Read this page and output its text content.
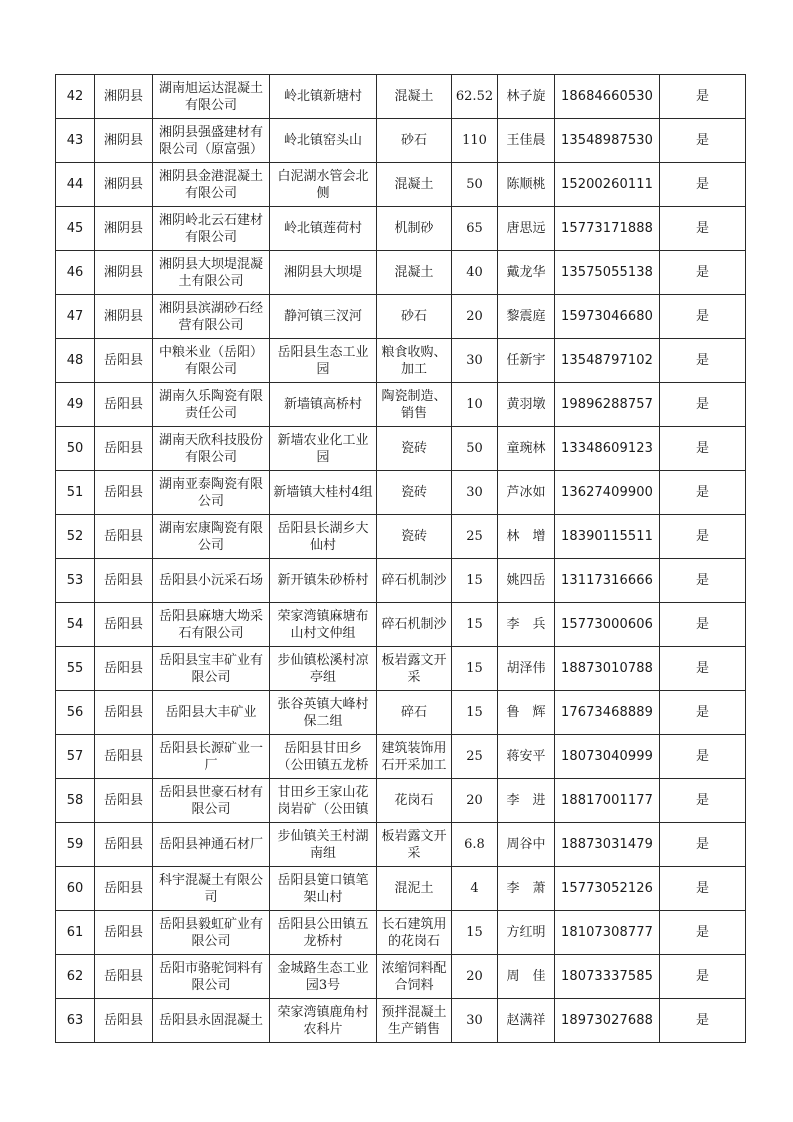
42	湘阴县	湖南旭运达混凝土有限公司	岭北镇新塘村	混凝土	62.52	林子旋	18684660530	是

43	湘阴县	湘阴县强盛建材有限公司（原富强）	岭北镇窑头山	砂石	110	王佳晨	13548987530	是

44	湘阴县	湘阴县金港混凝土有限公司	白泥湖水管会北侧	混凝土	50	陈顺桃	15200260111	是

45	湘阴县	湘阴岭北云石建材有限公司	岭北镇莲荷村	机制砂	65	唐思远	15773171888	是

46	湘阴县	湘阴县大坝堤混凝土有限公司	湘阴县大坝堤	混凝土	40	戴龙华	13575055138	是

47	湘阴县	湘阴县滨湖砂石经营有限公司	静河镇三汊河	砂石	20	黎震庭	15973046680	是

48	岳阳县	中粮米业（岳阳）有限公司	岳阳县生态工业园	粮食收购、加工	30	任新宇	13548797102	是

49	岳阳县	湖南久乐陶瓷有限责任公司	新墙镇高桥村	陶瓷制造、销售	10	黄羽墩	19896288757	是

50	岳阳县	湖南天欣科技股份有限公司	新墙农业化工业园	瓷砖	50	童琬林	13348609123	是

51	岳阳县	湖南亚泰陶瓷有限公司	新墙镇大桂村4组	瓷砖	30	芦冰如	13627409900	是

52	岳阳县	湖南宏康陶瓷有限公司	岳阳县长湖乡大仙村	瓷砖	25	林　增	18390115511	是

53	岳阳县	岳阳县小沅采石场	新开镇朱砂桥村	碎石机制沙	15	姚四岳	13117316666	是

54	岳阳县	岳阳县麻塘大坳采石有限公司	荣家湾镇麻塘布山村文仲组	碎石机制沙	15	李　兵	15773000606	是

55	岳阳县	岳阳县宝丰矿业有限公司	步仙镇松溪村凉亭组	板岩露文开采	15	胡泽伟	18873010788	是

56	岳阳县	岳阳县大丰矿业	张谷英镇大峰村保二组	碎石	15	鲁　辉	17673468889	是

57	岳阳县	岳阳县长源矿业一厂	岳阳县甘田乡（公田镇五龙桥	建筑装饰用石开采加工	25	蒋安平	18073040999	是

58	岳阳县	岳阳县世豪石材有限公司	甘田乡王家山花岗岩矿（公田镇	花岗石	20	李　进	18817001177	是

59	岳阳县	岳阳县神通石材厂	步仙镇关王村湖南组	板岩露文开采	6.8	周谷中	18873031479	是

60	岳阳县	科宇混凝土有限公司	岳阳县筻口镇笔架山村	混泥土	4	李　萧	15773052126	是

61	岳阳县	岳阳县毅虹矿业有限公司	岳阳县公田镇五龙桥村	长石建筑用的花岗石	15	方红明	18107308777	是

62	岳阳县	岳阳市骆驼饲料有限公司	金城路生态工业园3号	浓缩饲料配合饲料	20	周　佳	18073337585	是

63	岳阳县	岳阳县永固混凝土	荣家湾镇鹿角村农科片	预拌混凝土生产销售	30	赵满祥	18973027688	是
